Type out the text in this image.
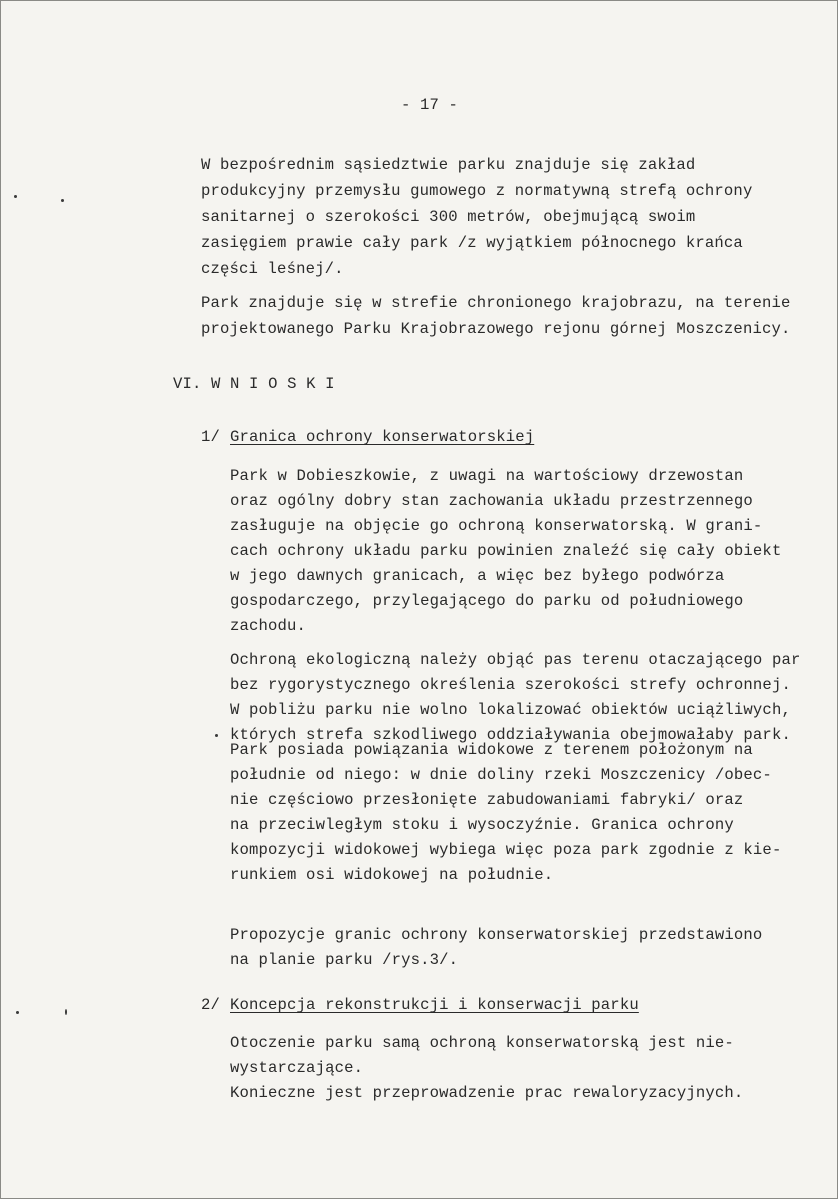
- 17 -

W bezpośrednim sąsiedztwie parku znajduje się zakład

produkcyjny przemysłu gumowego z normatywną strefą ochrony

sanitarnej o szerokości 300 metrów, obejmującą swoim

zasięgiem prawie cały park /z wyjątkiem północnego krańca

części leśnej/.

Park znajduje się w strefie chronionego krajobrazu, na terenie

projektowanego Parku Krajobrazowego rejonu górnej Moszczenicy.

VI. W N I O S K I

1/ Granica ochrony konserwatorskiej

Park w Dobieszkowie, z uwagi na wartościowy drzewostan

oraz ogólny dobry stan zachowania układu przestrzennego

zasługuje na objęcie go ochroną konserwatorską. W grani-

cach ochrony układu parku powinien znaleźć się cały obiekt

w jego dawnych granicach, a więc bez byłego podwórza

gospodarczego, przylegającego do parku od południowego

zachodu.

Ochroną ekologiczną należy objąć pas terenu otaczającego par

bez rygorystycznego określenia szerokości strefy ochronnej.

W pobliżu parku nie wolno lokalizować obiektów uciążliwych,

których strefa szkodliwego oddziaływania obejmowałaby park.

Park posiada powiązania widokowe z terenem położonym na

południe od niego: w dnie doliny rzeki Moszczenicy /obec-

nie częściowo przesłonięte zabudowaniami fabryki/ oraz

na przeciwległym stoku i wysoczyźnie. Granica ochrony

kompozycji widokowej wybiega więc poza park zgodnie z kie-

runkiem osi widokowej na południe.

Propozycje granic ochrony konserwatorskiej przedstawiono

na planie parku /rys.3/.

2/ Koncepcja rekonstrukcji i konserwacji parku

Otoczenie parku samą ochroną konserwatorską jest nie-

wystarczające.

Konieczne jest przeprowadzenie prac rewaloryzacyjnych.
